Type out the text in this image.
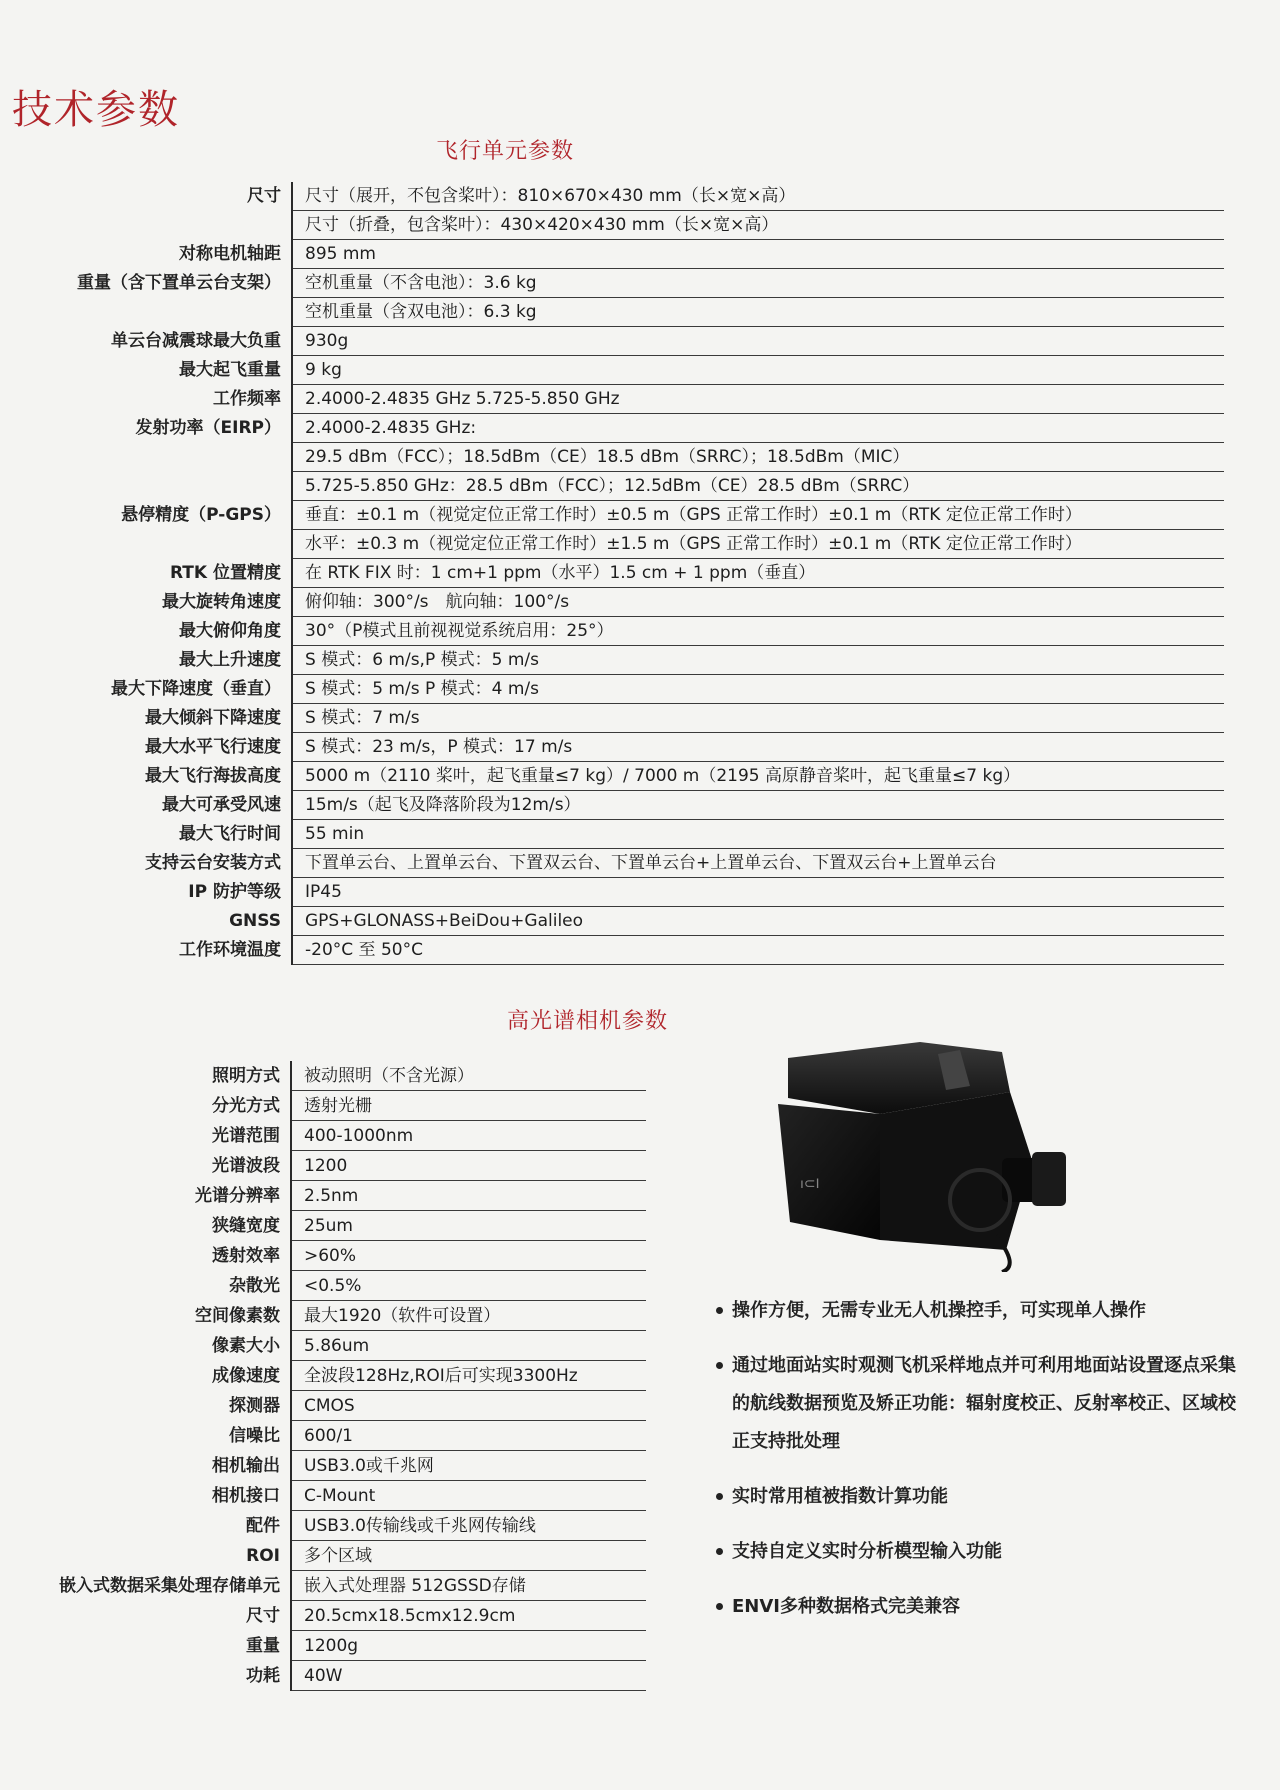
技术参数
飞行单元参数
尺寸	尺寸（展开，不包含桨叶）：810×670×430 mm（长×宽×高）
尺寸（折叠，包含桨叶）：430×420×430 mm（长×宽×高）
对称电机轴距	895 mm
重量（含下置单云台支架）	空机重量（不含电池）：3.6 kg
空机重量（含双电池）：6.3 kg
单云台减震球最大负重	930g
最大起飞重量	9 kg
工作频率	2.4000-2.4835 GHz 5.725-5.850 GHz
发射功率（EIRP）	2.4000-2.4835 GHz:
29.5 dBm（FCC）；18.5dBm（CE）18.5 dBm（SRRC）；18.5dBm（MIC）
5.725-5.850 GHz：28.5 dBm（FCC）；12.5dBm（CE）28.5 dBm（SRRC）
悬停精度（P-GPS）	垂直：±0.1 m（视觉定位正常工作时）±0.5 m（GPS 正常工作时）±0.1 m（RTK 定位正常工作时）
水平：±0.3 m（视觉定位正常工作时）±1.5 m（GPS 正常工作时）±0.1 m（RTK 定位正常工作时）
RTK 位置精度	在 RTK FIX 时：1 cm+1 ppm（水平）1.5 cm + 1 ppm（垂直）
最大旋转角速度	俯仰轴：300°/s　航向轴：100°/s
最大俯仰角度	30°（P模式且前视视觉系统启用：25°）
最大上升速度	S 模式：6 m/s,P 模式：5 m/s
最大下降速度（垂直）	S 模式：5 m/s P 模式：4 m/s
最大倾斜下降速度	S 模式：7 m/s
最大水平飞行速度	S 模式：23 m/s，P 模式：17 m/s
最大飞行海拔高度	5000 m（2110 桨叶，起飞重量≤7 kg）/ 7000 m（2195 高原静音桨叶，起飞重量≤7 kg）
最大可承受风速	15m/s（起飞及降落阶段为12m/s）
最大飞行时间	55 min
支持云台安装方式	下置单云台、上置单云台、下置双云台、下置单云台+上置单云台、下置双云台+上置单云台
IP 防护等级	IP45
GNSS	GPS+GLONASS+BeiDou+Galileo
工作环境温度	-20°C 至 50°C
高光谱相机参数
照明方式	被动照明（不含光源）
分光方式	透射光栅
光谱范围	400-1000nm
光谱波段	1200
光谱分辨率	2.5nm
狭缝宽度	25um
透射效率	>60%
杂散光	<0.5%
空间像素数	最大1920（软件可设置）
像素大小	5.86um
成像速度	全波段128Hz,ROI后可实现3300Hz
探测器	CMOS
信噪比	600/1
相机输出	USB3.0或千兆网
相机接口	C-Mount
配件	USB3.0传输线或千兆网传输线
ROI	多个区域
嵌入式数据采集处理存储单元	嵌入式处理器 512GSSD存储
尺寸	20.5cmx18.5cmx12.9cm
重量	1200g
功耗	40W
ı⊂I
操作方便，无需专业无人机操控手，可实现单人操作
通过地面站实时观测飞机采样地点并可利用地面站设置逐点采集的航线数据预览及矫正功能：辐射度校正、反射率校正、区域校正支持批处理
实时常用植被指数计算功能
支持自定义实时分析模型输入功能
ENVI多种数据格式完美兼容
